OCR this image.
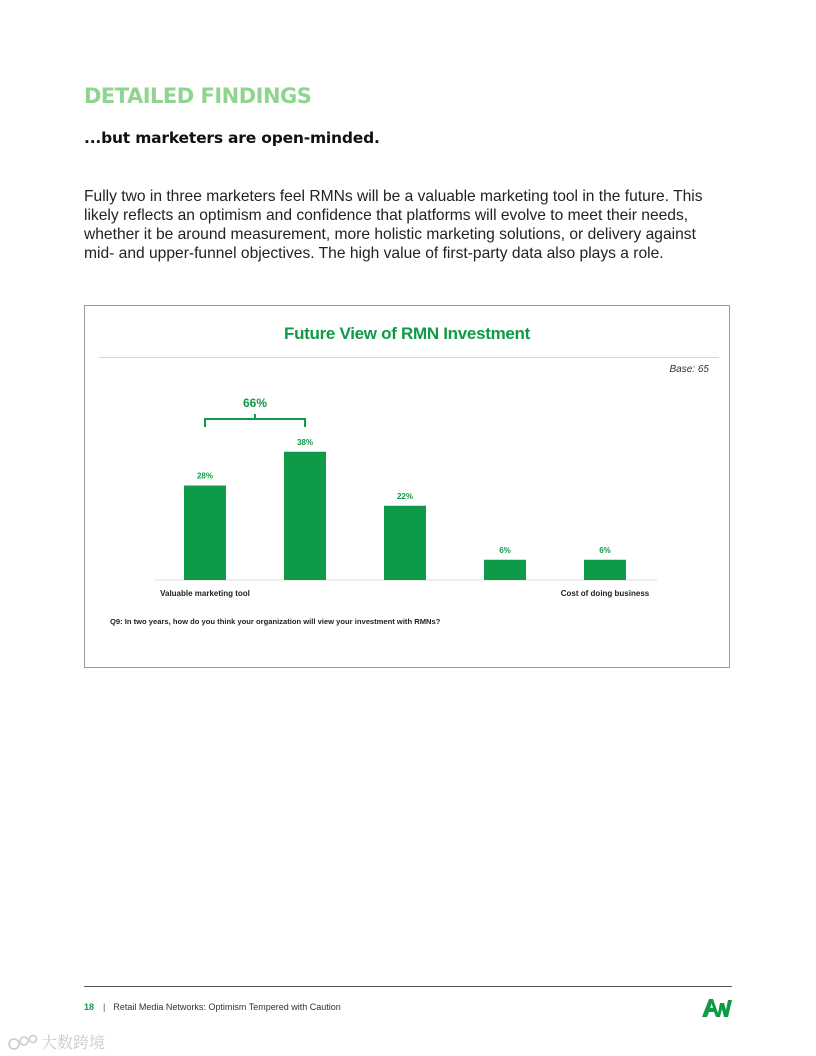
DETAILED FINDINGS
...but marketers are open-minded.

Fully two in three marketers feel RMNs will be a valuable marketing tool in the future. This
likely reflects an optimism and confidence that platforms will evolve to meet their needs,
whether it be around measurement, more holistic marketing solutions, or delivery against
mid- and upper-funnel objectives. The high value of first-party data also plays a role.

Future View of RMN Investment
Base: 65
28%
Valuable marketing tool
38%
22%
6%	6%
Cost of doing business
66%
Q9: In two years, how do you think your organization will view your investment with RMNs?
18 | Retail Media Networks: Optimism Tempered with Caution
大数跨境
